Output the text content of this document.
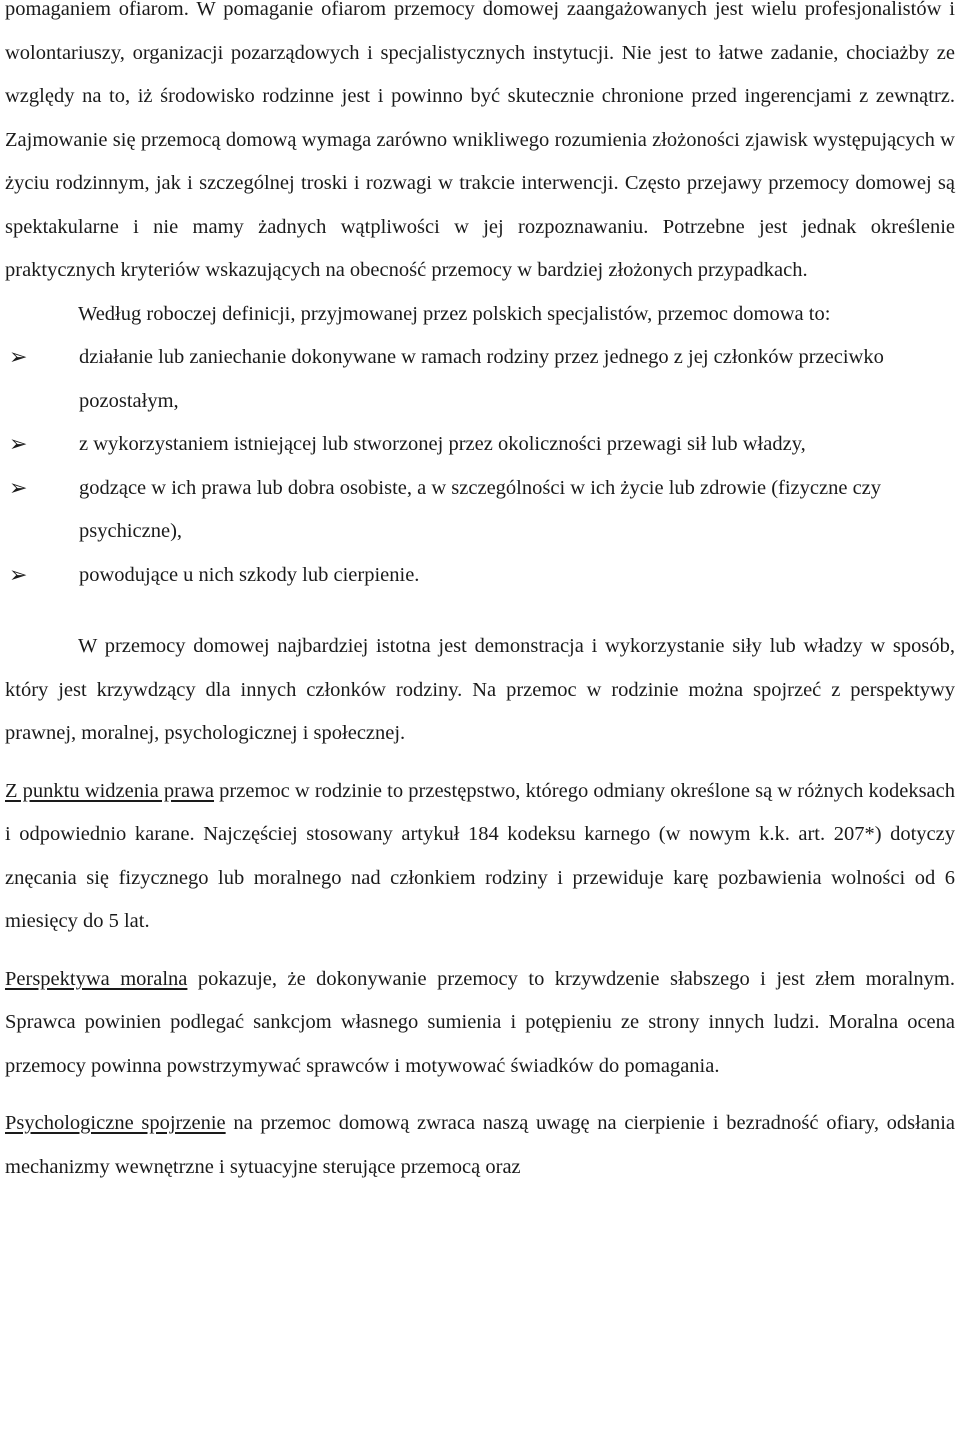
pomaganiem ofiarom. W pomaganie ofiarom przemocy domowej zaangażowanych jest wielu profesjonalistów i wolontariuszy, organizacji pozarządowych i specjalistycznych instytucji. Nie jest to łatwe zadanie, chociażby ze względy na to, iż środowisko rodzinne jest i powinno być skutecznie chronione przed ingerencjami z zewnątrz. Zajmowanie się przemocą domową wymaga zarówno wnikliwego rozumienia złożoności zjawisk występujących w życiu rodzinnym, jak i szczególnej troski i rozwagi w trakcie interwencji. Często przejawy przemocy domowej są spektakularne i nie mamy żadnych wątpliwości w jej rozpoznawaniu. Potrzebne jest jednak określenie praktycznych kryteriów wskazujących na obecność przemocy w bardziej złożonych przypadkach.

Według roboczej definicji, przyjmowanej przez polskich specjalistów, przemoc domowa to:

➢	działanie lub zaniechanie dokonywane w ramach rodziny przez jednego z jej członków przeciwko pozostałym,
➢	z wykorzystaniem istniejącej lub stworzonej przez okoliczności przewagi sił lub władzy,
➢	godzące w ich prawa lub dobra osobiste, a w szczególności w ich życie lub zdrowie (fizyczne czy psychiczne),
➢	powodujące u nich szkody lub cierpienie.

W przemocy domowej najbardziej istotna jest demonstracja i wykorzystanie siły lub władzy w sposób, który jest krzywdzący dla innych członków rodziny. Na przemoc w rodzinie można spojrzeć z perspektywy prawnej, moralnej, psychologicznej i społecznej.

Z punktu widzenia prawa przemoc w rodzinie to przestępstwo, którego odmiany określone są w różnych kodeksach i odpowiednio karane. Najczęściej stosowany artykuł 184 kodeksu karnego (w nowym k.k. art. 207*) dotyczy znęcania się fizycznego lub moralnego nad członkiem rodziny i przewiduje karę pozbawienia wolności od 6 miesięcy do 5 lat.

Perspektywa moralna pokazuje, że dokonywanie przemocy to krzywdzenie słabszego i jest złem moralnym. Sprawca powinien podlegać sankcjom własnego sumienia i potępieniu ze strony innych ludzi. Moralna ocena przemocy powinna powstrzymywać sprawców i motywować świadków do pomagania.

Psychologiczne spojrzenie na przemoc domową zwraca naszą uwagę na cierpienie i bezradność ofiary, odsłania mechanizmy wewnętrzne i sytuacyjne sterujące przemocą oraz
